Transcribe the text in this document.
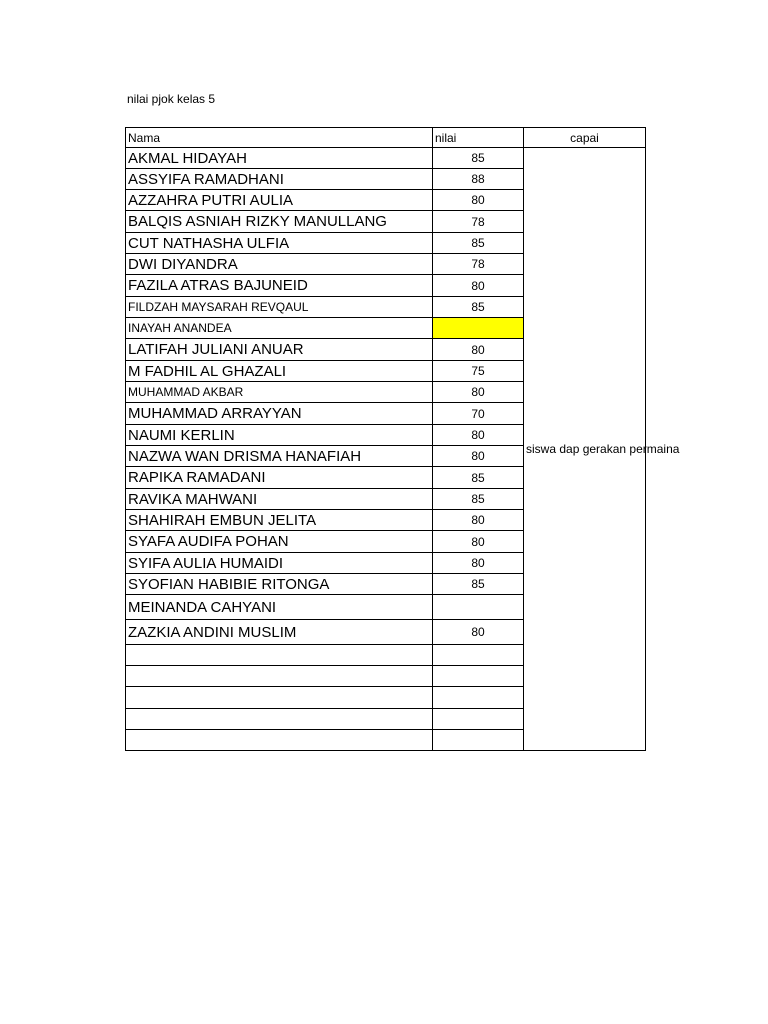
nilai pjok kelas 5
Nama	nilai	capai
AKMAL HIDAYAH	85	siswa dap gerakan permaina

ASSYIFA RAMADHANI	88	
AZZAHRA PUTRI AULIA	80	
BALQIS ASNIAH RIZKY MANULLANG	78	
CUT NATHASHA ULFIA	85	
DWI DIYANDRA	78	
FAZILA ATRAS BAJUNEID	80	
FILDZAH MAYSARAH REVQAUL	85	
INAYAH ANANDEA		
LATIFAH JULIANI ANUAR	80	
M FADHIL AL GHAZALI	75	
MUHAMMAD AKBAR	80	
MUHAMMAD ARRAYYAN	70	
NAUMI KERLIN	80	
NAZWA WAN DRISMA HANAFIAH	80	
RAPIKA RAMADANI	85	
RAVIKA MAHWANI	85	
SHAHIRAH EMBUN JELITA	80	
SYAFA AUDIFA POHAN	80	
SYIFA AULIA HUMAIDI	80	
SYOFIAN HABIBIE RITONGA	85	
MEINANDA CAHYANI		
ZAZKIA ANDINI MUSLIM	80	
